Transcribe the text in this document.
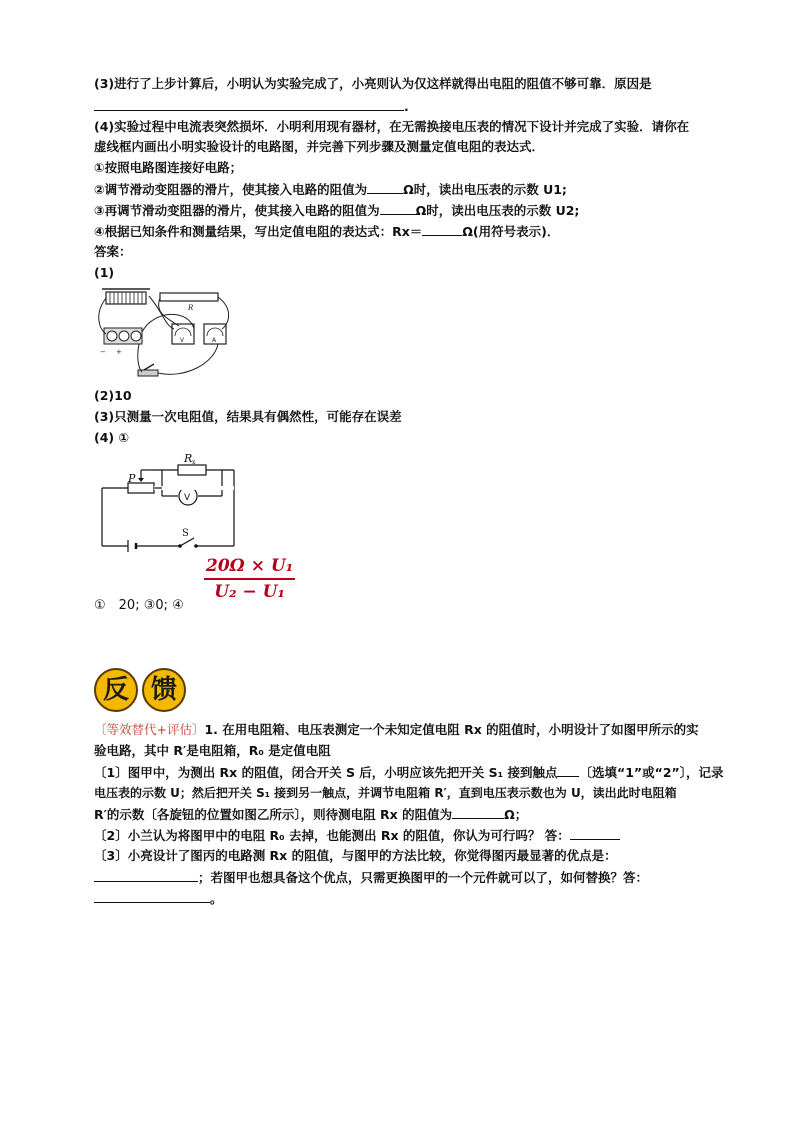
(3)进行了上步计算后，小明认为实验完成了，小亮则认为仅这样就得出电阻的阻值不够可靠．原因是
.
(4)实验过程中电流表突然损坏．小明利用现有器材，在无需换接电压表的情况下设计并完成了实验．请你在
虚线框内画出小明实验设计的电路图，并完善下列步骤及测量定值电阻的表达式．
①按照电路图连接好电路；
②调节滑动变阻器的滑片，使其接入电路的阻值为	Ω时，读出电压表的示数 U1;
③再调节滑动变阻器的滑片，使其接入电路的阻值为	Ω时，读出电压表的示数 U2;
④根据已知条件和测量结果，写出定值电阻的表达式：Rx＝	Ω(用符号表示)．
答案：
(1)
R
− +
V	A
(2)10
(3)只测量一次电阻值，结果具有偶然性，可能存在误差
(4) ①
R x
P
V
S
$\frac{\text{20Ω × U₁}}{\text{U₂ − U₁}}$
①　20; ③0; ④
反 馈
〔等效替代+评估〕1. 在用电阻箱、电压表测定一个未知定值电阻 Rx 的阻值时，小明设计了如图甲所示的实
验电路，其中 R′是电阻箱，R₀ 是定值电阻
〔1〕图甲中，为测出 Rx 的阻值，闭合开关 S 后，小明应该先把开关 S₁ 接到触点 〔选填“1”或“2”〕，记录
电压表的示数 U；然后把开关 S₁ 接到另一触点，并调节电阻箱 R′，直到电压表示数也为 U，读出此时电阻箱
R′的示数〔各旋钮的位置如图乙所示〕，则待测电阻 Rx 的阻值为	Ω；
〔2〕小兰认为将图甲中的电阻 R₀ 去掉，也能测出 Rx 的阻值，你认为可行吗？ 答：
〔3〕小亮设计了图丙的电路测 Rx 的阻值，与图甲的方法比较，你觉得图丙最显著的优点是：
；若图甲也想具备这个优点，只需更换图甲的一个元件就可以了，如何替换？答：
。
